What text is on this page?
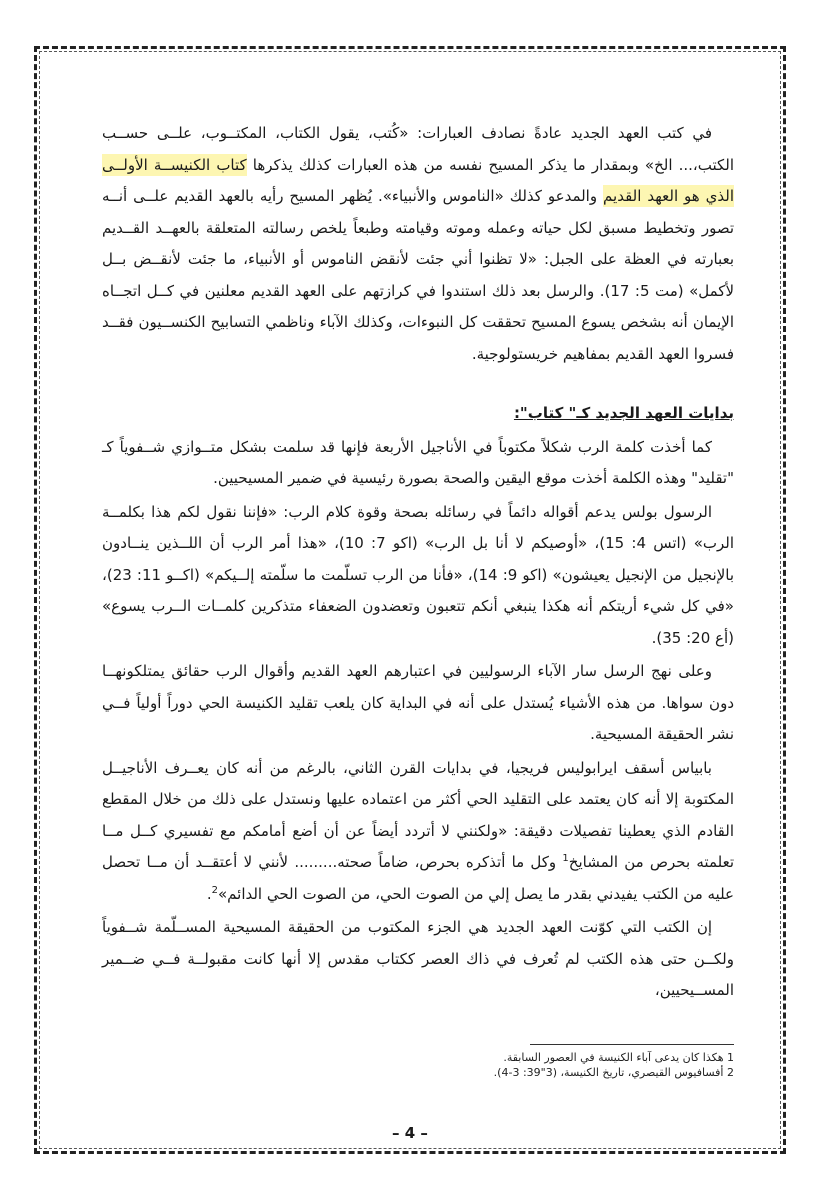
في كتب العهد الجديد عادةً نصادف العبارات: «كُتب، يقول الكتاب، المكتــوب، علــى حســب الكتب،... الخ» وبمقدار ما يذكر المسيح نفسه من هذه العبارات كذلك يذكرها كتاب الكنيســة الأولــى الذي هو العهد القديم والمدعو كذلك «الناموس والأنبياء». يُظهر المسيح رأيه بالعهد القديم علــى أنــه تصور وتخطيط مسبق لكل حياته وعمله وموته وقيامته وطبعاً يلخص رسالته المتعلقة بالعهــد القــديم بعبارته في العظة على الجبل: «لا تظنوا أني جئت لأنقض الناموس أو الأنبياء، ما جئت لأنقــض بــل لأكمل» (مت 5: 17). والرسل بعد ذلك استندوا في كرازتهم على العهد القديم معلنين في كــل اتجــاه الإيمان أنه بشخص يسوع المسيح تحققت كل النبوءات، وكذلك الآباء وناظمي التسابيح الكنســيون فقــد فسروا العهد القديم بمفاهيم خريستولوجية.

بدايات العهد الجديد كـ" كتاب":

كما أخذت كلمة الرب شكلاً مكتوباً في الأناجيل الأربعة فإنها قد سلمت بشكل متــوازي شــفوياً كـ "تقليد" وهذه الكلمة أخذت موقع اليقين والصحة بصورة رئيسية في ضمير المسيحيين.

الرسول بولس يدعم أقواله دائماً في رسائله بصحة وقوة كلام الرب: «فإننا نقول لكم هذا بكلمــة الرب» (اتس 4: 15)، «أوصيكم لا أنا بل الرب» (اكو 7: 10)، «هذا أمر الرب أن اللــذين ينــادون بالإنجيل من الإنجيل يعيشون» (اكو 9: 14)، «فأنا من الرب تسلّمت ما سلّمته إلــيكم» (اكــو 11: 23)، «في كل شيء أريتكم أنه هكذا ينبغي أنكم تتعبون وتعضدون الضعفاء متذكرين كلمــات الــرب يسوع» (أع 20: 35).

وعلى نهج الرسل سار الآباء الرسوليين في اعتبارهم العهد القديم وأقوال الرب حقائق يمتلكونهــا دون سواها. من هذه الأشياء يُستدل على أنه في البداية كان يلعب تقليد الكنيسة الحي دوراً أولياً فــي نشر الحقيقة المسيحية.

بابياس أسقف ايرابوليس فريجيا، في بدايات القرن الثاني، بالرغم من أنه كان يعــرف الأناجيــل المكتوبة إلا أنه كان يعتمد على التقليد الحي أكثر من اعتماده عليها ونستدل على ذلك من خلال المقطع القادم الذي يعطينا تفصيلات دقيقة: «ولكنني لا أتردد أيضاً عن أن أضع أمامكم مع تفسيري كــل مــا تعلمته بحرص من المشايخ$^1$ وكل ما أتذكره بحرص، ضاماً صحته......... لأنني لا أعتقــد أن مــا تحصل عليه من الكتب يفيدني بقدر ما يصل إلي من الصوت الحي، من الصوت الحي الدائم»$^2$.

إن الكتب التي كوّنت العهد الجديد هي الجزء المكتوب من الحقيقة المسيحية المســلّمة شــفوياً ولكــن حتى هذه الكتب لم تُعرف في ذاك العصر ككتاب مقدس إلا أنها كانت مقبولــة فــي ضــمير المســيحيين،

1 هكذا كان يدعى آباء الكنيسة في العصور السابقة.

2 أفسافيوس القيصري، تاريخ الكنيسة، (3"39: 3-4).

– 4 –
